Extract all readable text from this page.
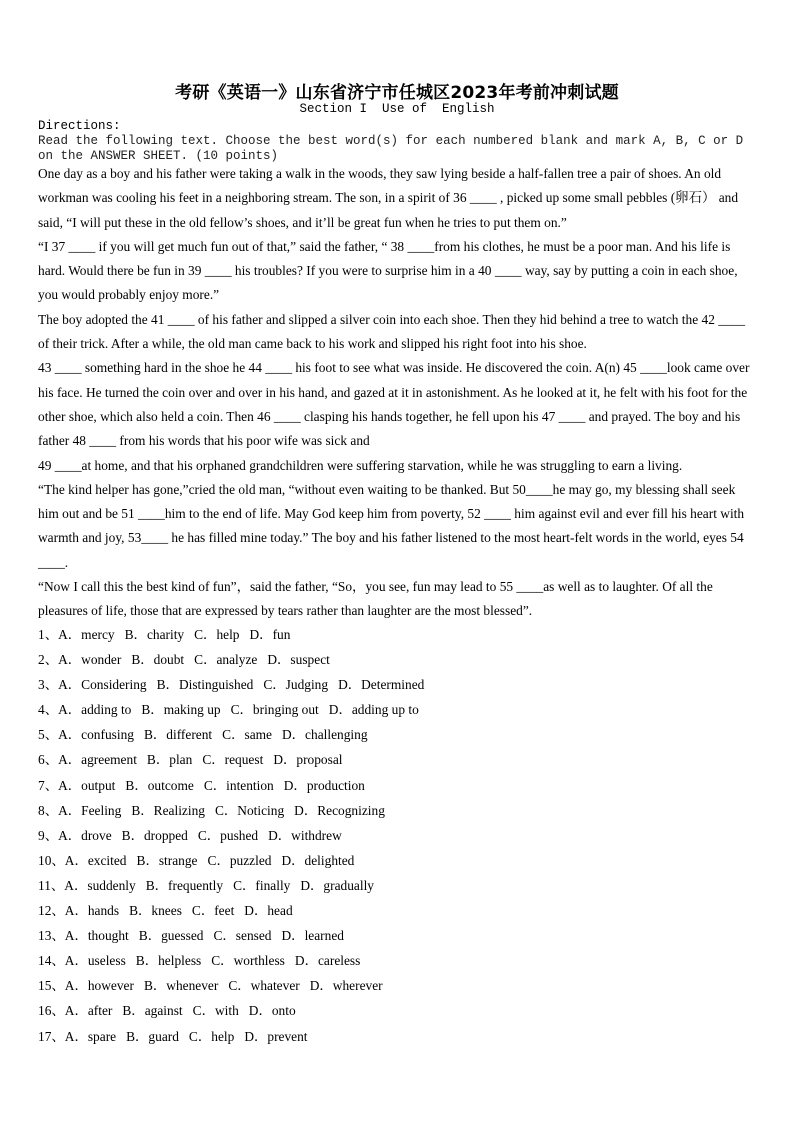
考研《英语一》山东省济宁市任城区2023年考前冲刺试题
Section I  Use of  English
Directions:
Read the following text. Choose the best word(s) for each numbered blank and mark A, B, C or D on the ANSWER SHEET. (10 points)

One day as a boy and his father were taking a walk in the woods, they saw lying beside a half-fallen tree a pair of shoes. An old workman was cooling his feet in a neighboring stream. The son, in a spirit of 36 ____ , picked up some small pebbles (卵石） and said, “I will put these in the old fellow’s shoes, and it’ll be great fun when he tries to put them on.”

“I 37 ____ if you will get much fun out of that,” said the father, “ 38 ____from his clothes, he must be a poor man. And his life is hard. Would there be fun in 39 ____ his troubles? If you were to surprise him in a 40 ____ way, say by putting a coin in each shoe, you would probably enjoy more.”

The boy adopted the 41 ____ of his father and slipped a silver coin into each shoe. Then they hid behind a tree to watch the 42 ____ of their trick. After a while, the old man came back to his work and slipped his right foot into his shoe.

43 ____ something hard in the shoe he 44 ____ his foot to see what was inside. He discovered the coin. A(n) 45 ____look came over his face. He turned the coin over and over in his hand, and gazed at it in astonishment. As he looked at it, he felt with his foot for the other shoe, which also held a coin. Then 46 ____ clasping his hands together, he fell upon his 47 ____ and prayed. The boy and his father 48 ____ from his words that his poor wife was sick and

49 ____at home, and that his orphaned grandchildren were suffering starvation, while he was struggling to earn a living.

“The kind helper has gone,”cried the old man, “without even waiting to be thanked. But 50____he may go, my blessing shall seek him out and be 51 ____him to the end of life. May God keep him from poverty, 52 ____ him against evil and ever fill his heart with warmth and joy, 53____ he has filled mine today.” The boy and his father listened to the most heart-felt words in the world, eyes 54 ____.

“Now I call this the best kind of fun”，said the father, “So，you see, fun may lead to 55 ____as well as to laughter. Of all the pleasures of life, those that are expressed by tears rather than laughter are the most blessed”.

1、A．mercy B．charity C．help D．fun
2、A．wonder B．doubt C．analyze D．suspect
3、A．Considering B．Distinguished C．Judging D．Determined
4、A．adding to B．making up C．bringing out D．adding up to
5、A．confusing B．different C．same D．challenging
6、A．agreement B．plan C．request D．proposal
7、A．output B．outcome C．intention D．production
8、A．Feeling B．Realizing C．Noticing D．Recognizing
9、A．drove B．dropped C．pushed D．withdrew
10、A．excited B．strange C．puzzled D．delighted
11、A．suddenly B．frequently C．finally D．gradually
12、A．hands B．knees C．feet D．head
13、A．thought B．guessed C．sensed D．learned
14、A．useless B．helpless C．worthless D．careless
15、A．however B．whenever C．whatever D．wherever
16、A．after B．against C．with D．onto
17、A．spare B．guard C．help D．prevent
